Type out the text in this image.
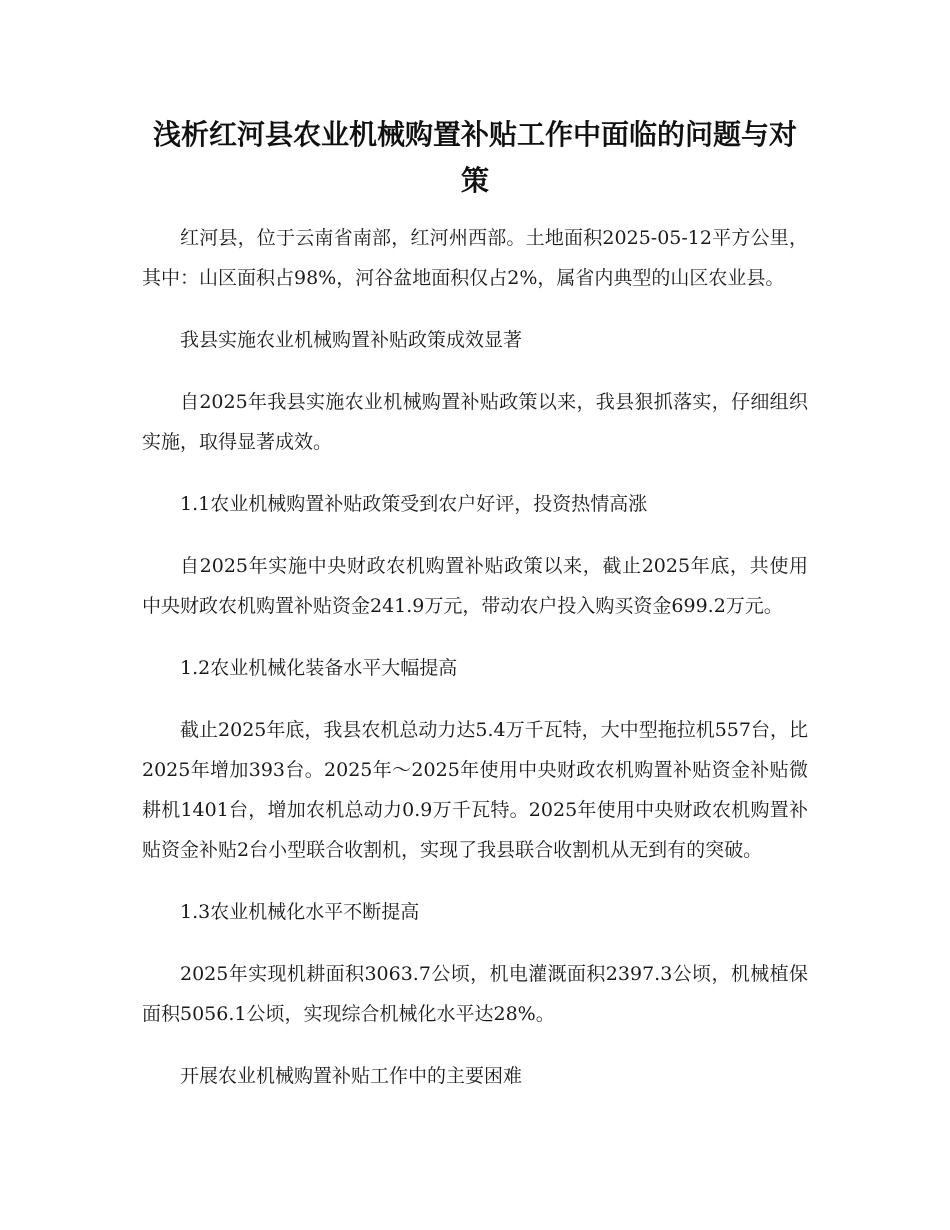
浅析红河县农业机械购置补贴工作中面临的问题与对策

红河县，位于云南省南部，红河州西部。土地面积2025-05-12平方公里，其中：山区面积占98%，河谷盆地面积仅占2%，属省内典型的山区农业县。

我县实施农业机械购置补贴政策成效显著

自2025年我县实施农业机械购置补贴政策以来，我县狠抓落实，仔细组织实施，取得显著成效。

1.1农业机械购置补贴政策受到农户好评，投资热情高涨

自2025年实施中央财政农机购置补贴政策以来，截止2025年底，共使用中央财政农机购置补贴资金241.9万元，带动农户投入购买资金699.2万元。

1.2农业机械化装备水平大幅提高

截止2025年底，我县农机总动力达5.4万千瓦特，大中型拖拉机557台，比2025年增加393台。2025年～2025年使用中央财政农机购置补贴资金补贴微耕机1401台，增加农机总动力0.9万千瓦特。2025年使用中央财政农机购置补贴资金补贴2台小型联合收割机，实现了我县联合收割机从无到有的突破。

1.3农业机械化水平不断提高

2025年实现机耕面积3063.7公顷，机电灌溉面积2397.3公顷，机械植保面积5056.1公顷，实现综合机械化水平达28%。

开展农业机械购置补贴工作中的主要困难
